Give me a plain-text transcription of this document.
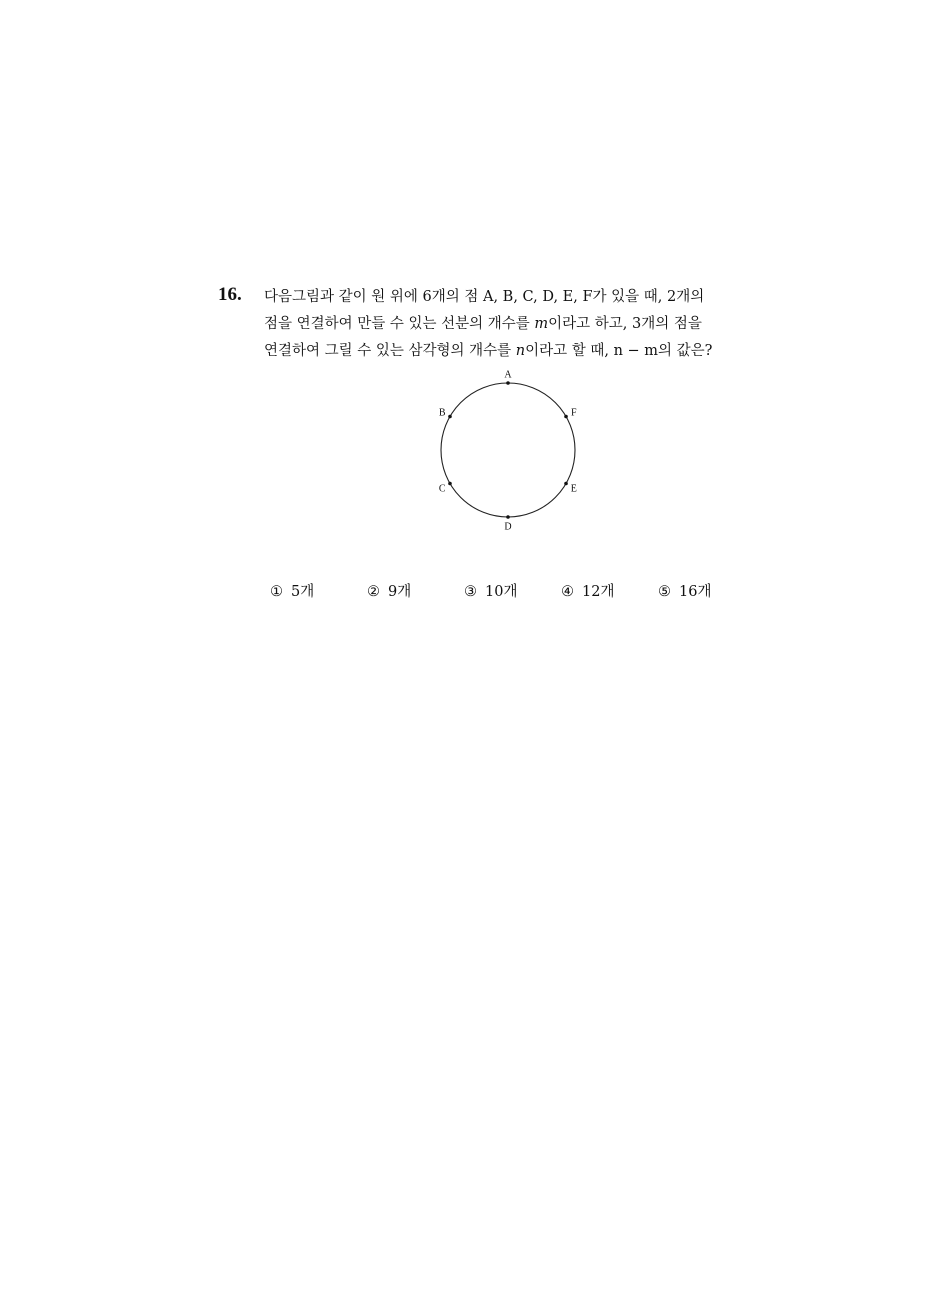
16. 다음그림과 같이 원 위에 6개의 점 A, B, C, D, E, F가 있을 때, 2개의
점을 연결하여 만들 수 있는 선분의 개수를 m이라고 하고, 3개의 점을
연결하여 그릴 수 있는 삼각형의 개수를 n이라고 할 때, n − m의 값은?
A
B
C
D
E
F
① 5개	② 9개	③ 10개	④ 12개	⑤ 16개
